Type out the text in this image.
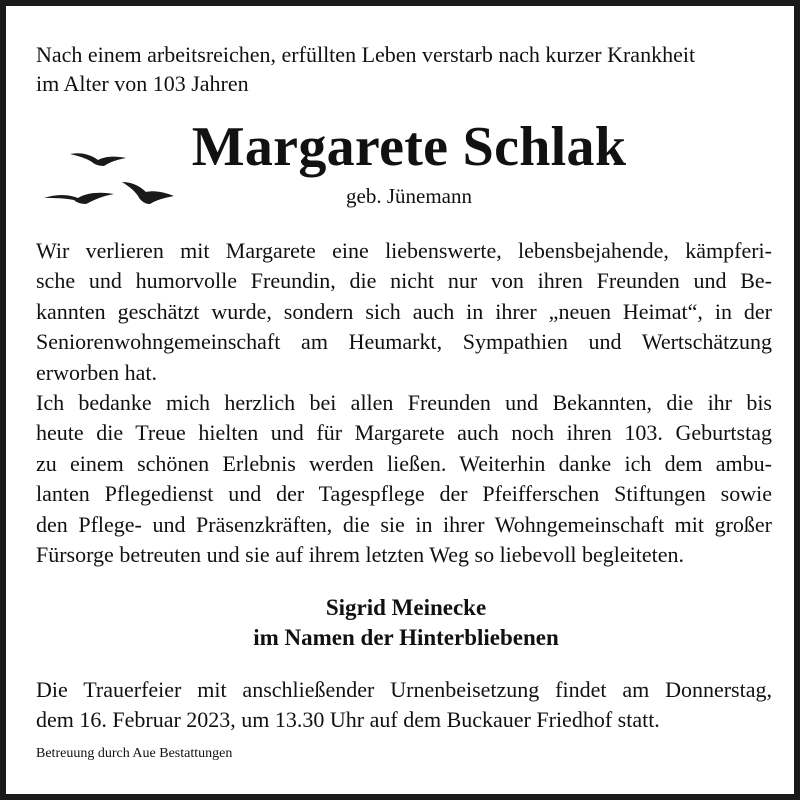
Nach einem arbeitsreichen, erfüllten Leben verstarb nach kurzer Krankheit
im Alter von 103 Jahren
Margarete Schlak
geb. Jünemann
Wir verlieren mit Margarete eine liebenswerte, lebensbejahende, kämpferi-
sche und humorvolle Freundin, die nicht nur von ihren Freunden und Be-
kannten geschätzt wurde, sondern sich auch in ihrer „neuen Heimat“, in der
Seniorenwohngemeinschaft am Heumarkt, Sympathien und Wertschätzung
erworben hat.
Ich bedanke mich herzlich bei allen Freunden und Bekannten, die ihr bis
heute die Treue hielten und für Margarete auch noch ihren 103. Geburtstag
zu einem schönen Erlebnis werden ließen. Weiterhin danke ich dem ambu-
lanten Pflegedienst und der Tagespflege der Pfeifferschen Stiftungen sowie
den Pflege- und Präsenzkräften, die sie in ihrer Wohngemeinschaft mit großer
Fürsorge betreuten und sie auf ihrem letzten Weg so liebevoll begleiteten.
Sigrid Meinecke
im Namen der Hinterbliebenen
Die Trauerfeier mit anschließender Urnenbeisetzung findet am Donnerstag,
dem 16. Februar 2023, um 13.30 Uhr auf dem Buckauer Friedhof statt.
Betreuung durch Aue Bestattungen
